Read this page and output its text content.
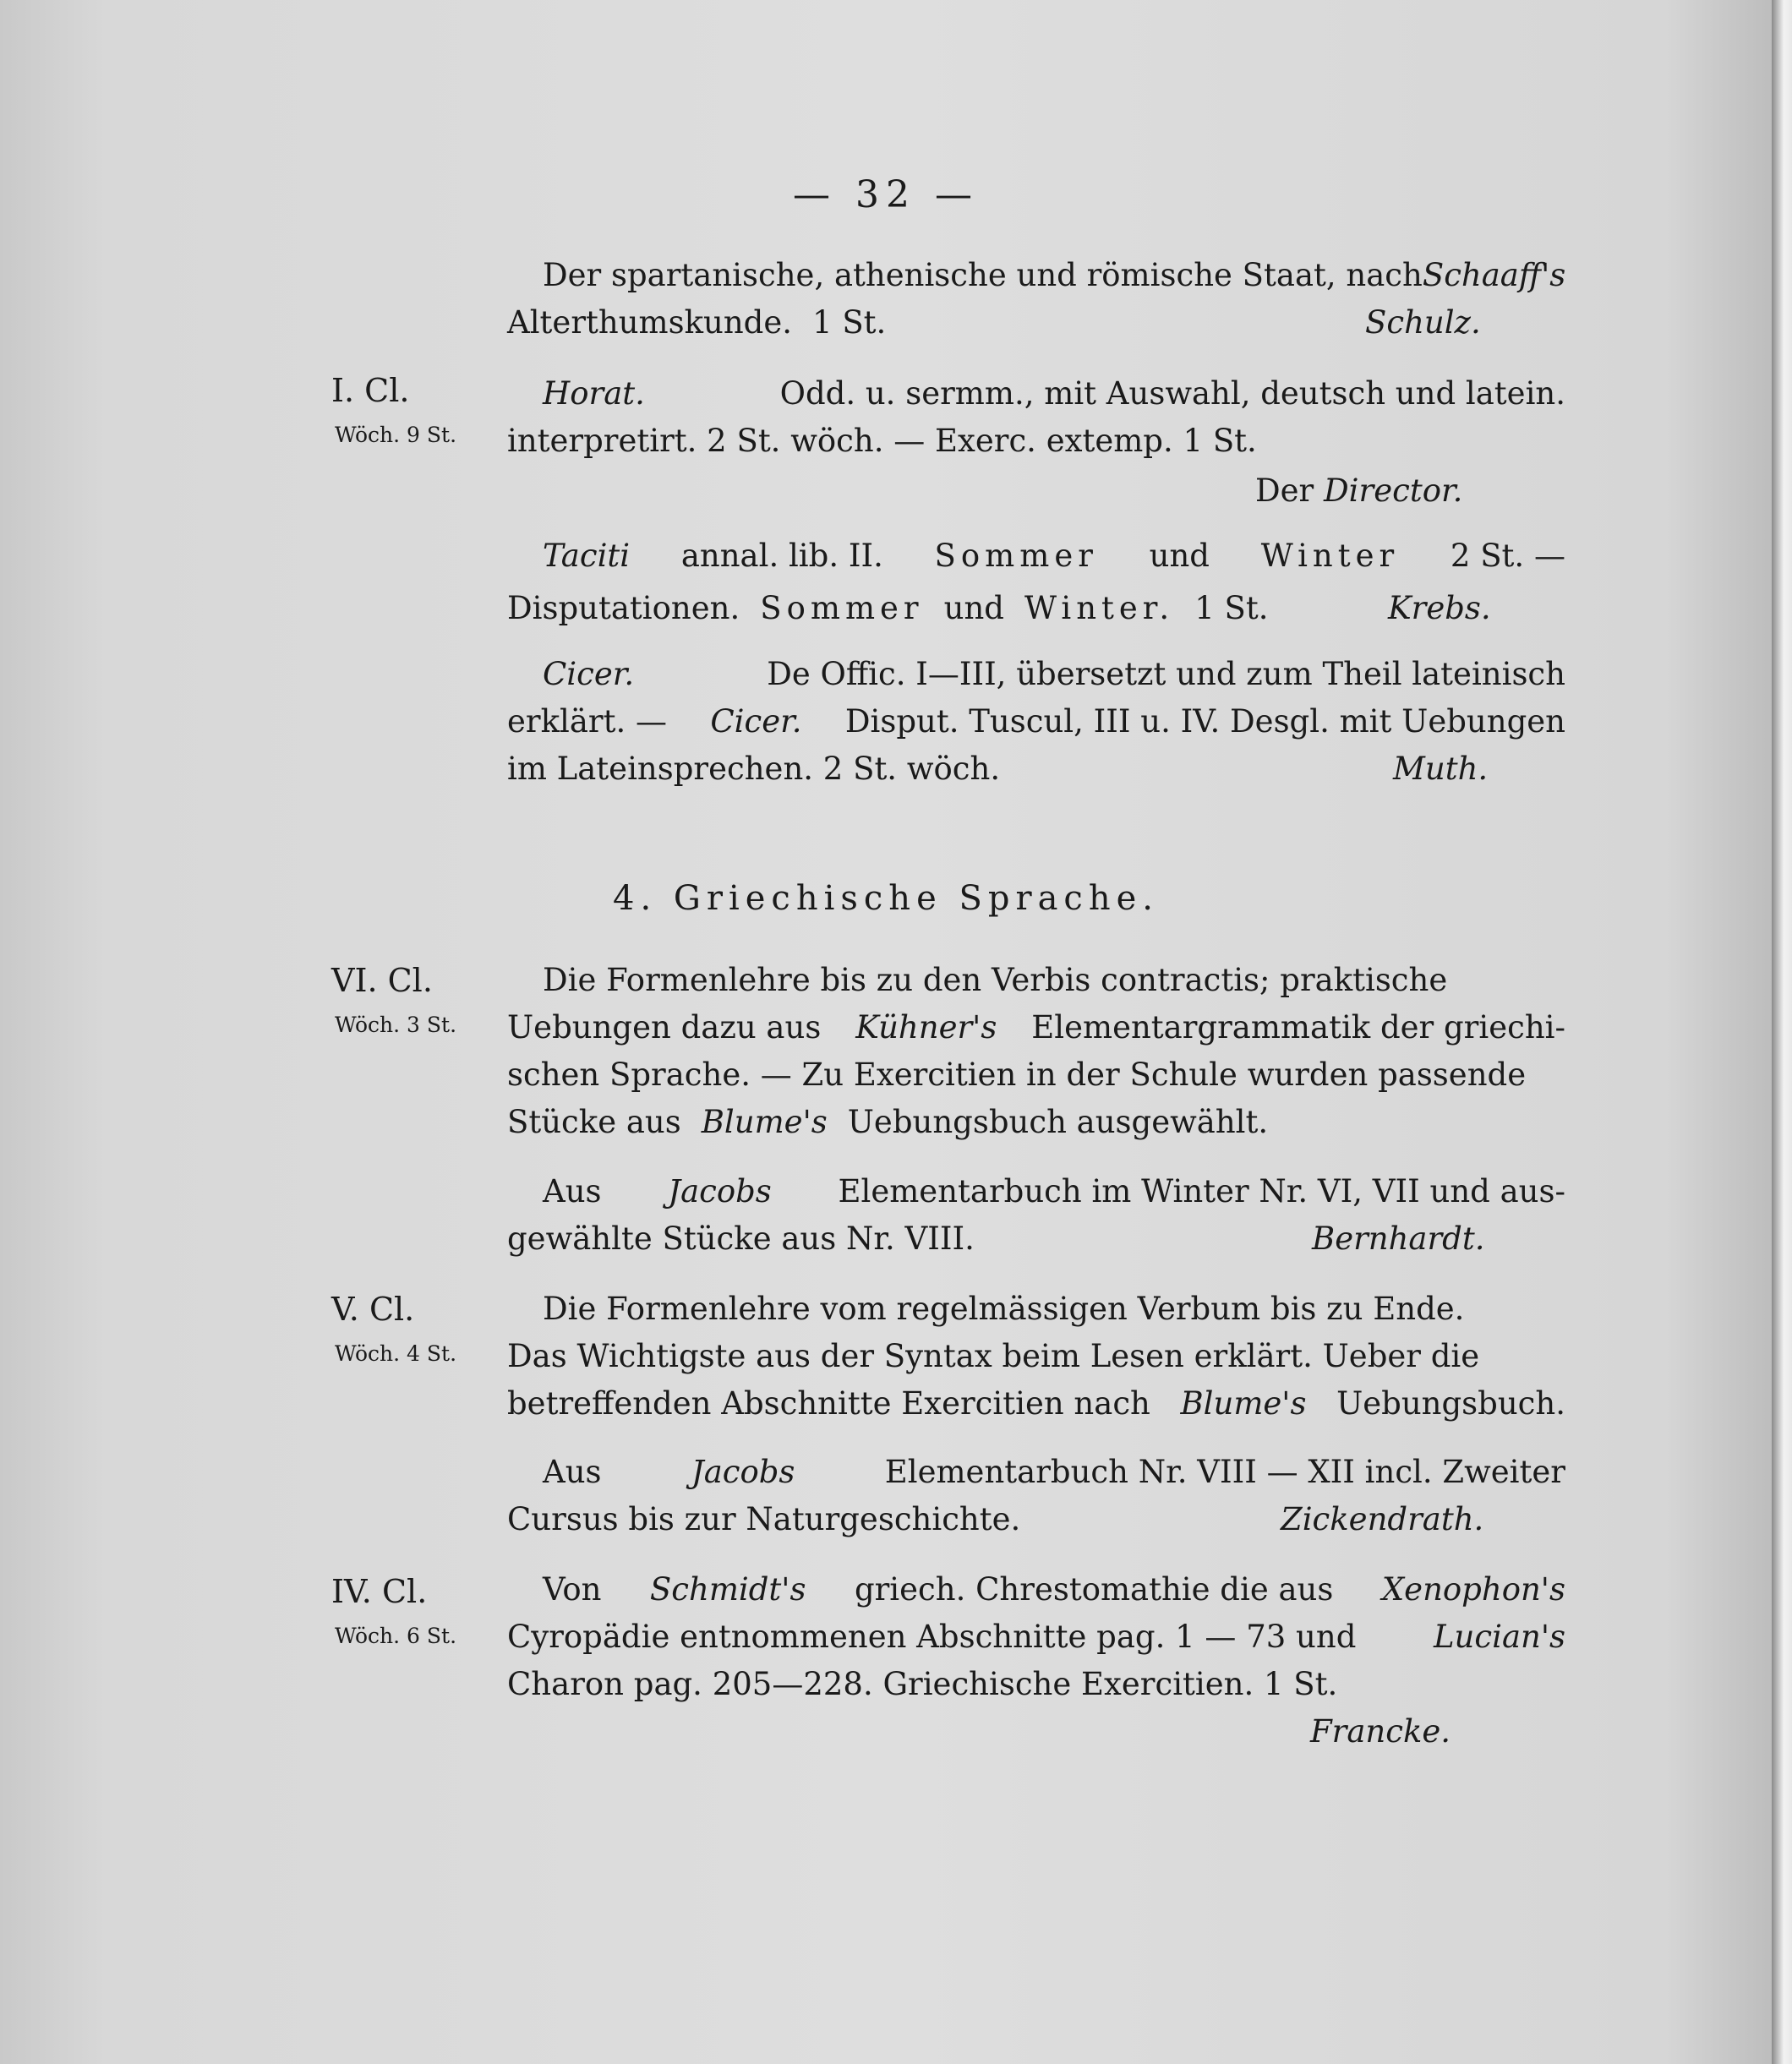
— 32 —
Der spartanische, athenische und römische Staat, nach Schaaff's
Alterthumskunde. 1 St.	Schulz.
I. Cl.
Wöch. 9 St.
Horat.	Odd. u. sermm., mit Auswahl, deutsch und latein.
interpretirt. 2 St. wöch. — Exerc. extemp. 1 St.
Der Director.
Taciti annal. lib. II. Sommer und Winter 2 St. —
Disputationen. Sommer und Winter. 1 St.	Krebs.
Cicer.	De Offic. I—III, übersetzt und zum Theil lateinisch
erklärt. — Cicer. Disput. Tuscul, III u. IV. Desgl. mit Uebungen
im Lateinsprechen. 2 St. wöch.	Muth.
4. Griechische Sprache.
VI. Cl.
Wöch. 3 St.
Die Formenlehre bis zu den Verbis contractis; praktische
Uebungen dazu aus Kühner's Elementargrammatik der griechi-
schen Sprache. — Zu Exercitien in der Schule wurden passende
Stücke aus Blume's Uebungsbuch ausgewählt.
Aus Jacobs Elementarbuch im Winter Nr. VI, VII und aus-
gewählte Stücke aus Nr. VIII.	Bernhardt.
V. Cl.
Wöch. 4 St.
Die Formenlehre vom regelmässigen Verbum bis zu Ende.
Das Wichtigste aus der Syntax beim Lesen erklärt. Ueber die
betreffenden Abschnitte Exercitien nach Blume's Uebungsbuch.
Aus	Jacobs	Elementarbuch Nr. VIII — XII incl. Zweiter
Cursus bis zur Naturgeschichte.	Zickendrath.
IV. Cl.
Wöch. 6 St.
Von Schmidt's griech. Chrestomathie die aus Xenophon's
Cyropädie entnommenen Abschnitte pag. 1 — 73 und Lucian's
Charon pag. 205—228. Griechische Exercitien. 1 St.
Francke.
